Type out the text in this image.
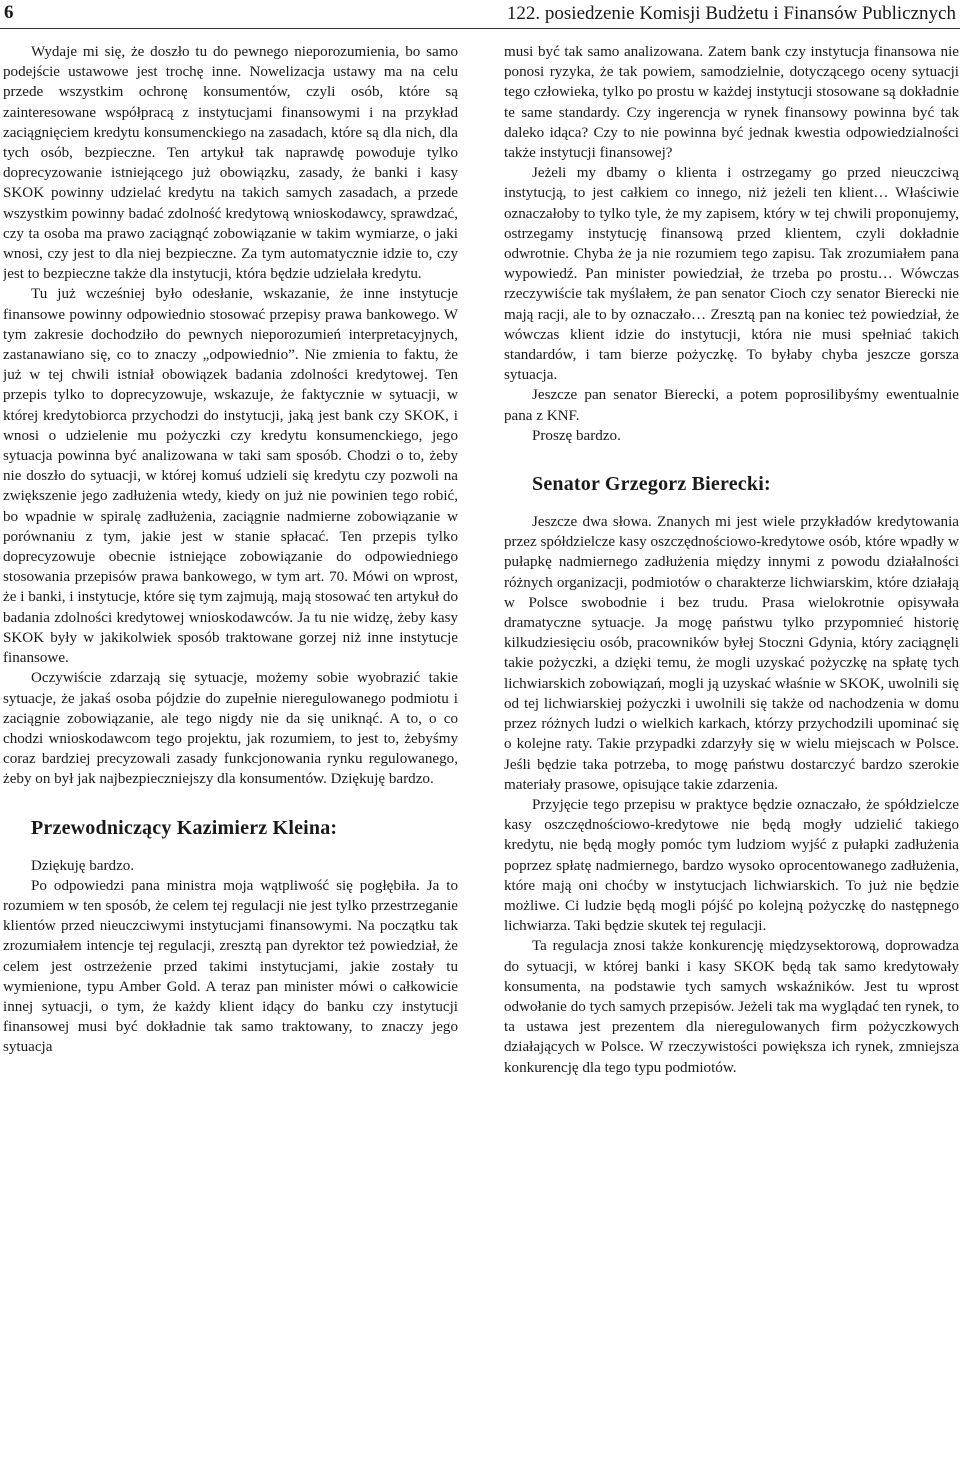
6	122. posiedzenie Komisji Budżetu i Finansów Publicznych

Wydaje mi się, że doszło tu do pewnego nieporozumienia, bo samo podejście ustawowe jest trochę inne. Nowelizacja ustawy ma na celu przede wszystkim ochronę konsumentów, czyli osób, które są zainteresowane współpracą z instytucjami finansowymi i na przykład zaciągnięciem kredytu konsumenckiego na zasadach, które są dla nich, dla tych osób, bezpieczne. Ten artykuł tak naprawdę powoduje tylko doprecyzowanie istniejącego już obowiązku, zasady, że banki i kasy SKOK powinny udzielać kredytu na takich samych zasadach, a przede wszystkim powinny badać zdolność kredytową wnioskodawcy, sprawdzać, czy ta osoba ma prawo zaciągnąć zobowiązanie w takim wymiarze, o jaki wnosi, czy jest to dla niej bezpieczne. Za tym automatycznie idzie to, czy jest to bezpieczne także dla instytucji, która będzie udzielała kredytu.

Tu już wcześniej było odesłanie, wskazanie, że inne instytucje finansowe powinny odpowiednio stosować przepisy prawa bankowego. W tym zakresie dochodziło do pewnych nieporozumień interpretacyjnych, zastanawiano się, co to znaczy „odpowiednio”. Nie zmienia to faktu, że już w tej chwili istniał obowiązek badania zdolności kredytowej. Ten przepis tylko to doprecyzowuje, wskazuje, że faktycznie w sytuacji, w której kredytobiorca przychodzi do instytucji, jaką jest bank czy SKOK, i wnosi o udzielenie mu pożyczki czy kredytu konsumenckiego, jego sytuacja powinna być analizowana w taki sam sposób. Chodzi o to, żeby nie doszło do sytuacji, w której komuś udzieli się kredytu czy pozwoli na zwiększenie jego zadłużenia wtedy, kiedy on już nie powinien tego robić, bo wpadnie w spiralę zadłużenia, zaciągnie nadmierne zobowiązanie w porównaniu z tym, jakie jest w stanie spłacać. Ten przepis tylko doprecyzowuje obecnie istniejące zobowiązanie do odpowiedniego stosowania przepisów prawa bankowego, w tym art. 70. Mówi on wprost, że i banki, i instytucje, które się tym zajmują, mają stosować ten artykuł do badania zdolności kredytowej wnioskodawców. Ja tu nie widzę, żeby kasy SKOK były w jakikolwiek sposób traktowane gorzej niż inne instytucje finansowe.

Oczywiście zdarzają się sytuacje, możemy sobie wyobrazić takie sytuacje, że jakaś osoba pójdzie do zupełnie nieregulowanego podmiotu i zaciągnie zobowiązanie, ale tego nigdy nie da się uniknąć. A to, o co chodzi wnioskodawcom tego projektu, jak rozumiem, to jest to, żebyśmy coraz bardziej precyzowali zasady funkcjonowania rynku regulowanego, żeby on był jak najbezpieczniejszy dla konsumentów. Dziękuję bardzo.

Przewodniczący Kazimierz Kleina:

Dziękuję bardzo.

Po odpowiedzi pana ministra moja wątpliwość się pogłębiła. Ja to rozumiem w ten sposób, że celem tej regulacji nie jest tylko przestrzeganie klientów przed nieuczciwymi instytucjami finansowymi. Na początku tak zrozumiałem intencje tej regulacji, zresztą pan dyrektor też powiedział, że celem jest ostrzeżenie przed takimi instytucjami, jakie zostały tu wymienione, typu Amber Gold. A teraz pan minister mówi o całkowicie innej sytuacji, o tym, że każdy klient idący do banku czy instytucji finansowej musi być dokładnie tak samo traktowany, to znaczy jego sytuacja

musi być tak samo analizowana. Zatem bank czy instytucja finansowa nie ponosi ryzyka, że tak powiem, samodzielnie, dotyczącego oceny sytuacji tego człowieka, tylko po prostu w każdej instytucji stosowane są dokładnie te same standardy. Czy ingerencja w rynek finansowy powinna być tak daleko idąca? Czy to nie powinna być jednak kwestia odpowiedzialności także instytucji finansowej?

Jeżeli my dbamy o klienta i ostrzegamy go przed nieuczciwą instytucją, to jest całkiem co innego, niż jeżeli ten klient… Właściwie oznaczałoby to tylko tyle, że my zapisem, który w tej chwili proponujemy, ostrzegamy instytucję finansową przed klientem, czyli dokładnie odwrotnie. Chyba że ja nie rozumiem tego zapisu. Tak zrozumiałem pana wypowiedź. Pan minister powiedział, że trzeba po prostu… Wówczas rzeczywiście tak myślałem, że pan senator Cioch czy senator Bierecki nie mają racji, ale to by oznaczało… Zresztą pan na koniec też powiedział, że wówczas klient idzie do instytucji, która nie musi spełniać takich standardów, i tam bierze pożyczkę. To byłaby chyba jeszcze gorsza sytuacja.

Jeszcze pan senator Bierecki, a potem poprosilibyśmy ewentualnie pana z KNF.

Proszę bardzo.

Senator Grzegorz Bierecki:

Jeszcze dwa słowa. Znanych mi jest wiele przykładów kredytowania przez spółdzielcze kasy oszczędnościowo-kredytowe osób, które wpadły w pułapkę nadmiernego zadłużenia między innymi z powodu działalności różnych organizacji, podmiotów o charakterze lichwiarskim, które działają w Polsce swobodnie i bez trudu. Prasa wielokrotnie opisywała dramatyczne sytuacje. Ja mogę państwu tylko przypomnieć historię kilkudziesięciu osób, pracowników byłej Stoczni Gdynia, który zaciągnęli takie pożyczki, a dzięki temu, że mogli uzyskać pożyczkę na spłatę tych lichwiarskich zobowiązań, mogli ją uzyskać właśnie w SKOK, uwolnili się od tej lichwiarskiej pożyczki i uwolnili się także od nachodzenia w domu przez różnych ludzi o wielkich karkach, którzy przychodzili upominać się o kolejne raty. Takie przypadki zdarzyły się w wielu miejscach w Polsce. Jeśli będzie taka potrzeba, to mogę państwu dostarczyć bardzo szerokie materiały prasowe, opisujące takie zdarzenia.

Przyjęcie tego przepisu w praktyce będzie oznaczało, że spółdzielcze kasy oszczędnościowo-kredytowe nie będą mogły udzielić takiego kredytu, nie będą mogły pomóc tym ludziom wyjść z pułapki zadłużenia poprzez spłatę nadmiernego, bardzo wysoko oprocentowanego zadłużenia, które mają oni choćby w instytucjach lichwiarskich. To już nie będzie możliwe. Ci ludzie będą mogli pójść po kolejną pożyczkę do następnego lichwiarza. Taki będzie skutek tej regulacji.

Ta regulacja znosi także konkurencję międzysektorową, doprowadza do sytuacji, w której banki i kasy SKOK będą tak samo kredytowały konsumenta, na podstawie tych samych wskaźników. Jest tu wprost odwołanie do tych samych przepisów. Jeżeli tak ma wyglądać ten rynek, to ta ustawa jest prezentem dla nieregulowanych firm pożyczkowych działających w Polsce. W rzeczywistości powiększa ich rynek, zmniejsza konkurencję dla tego typu podmiotów.
